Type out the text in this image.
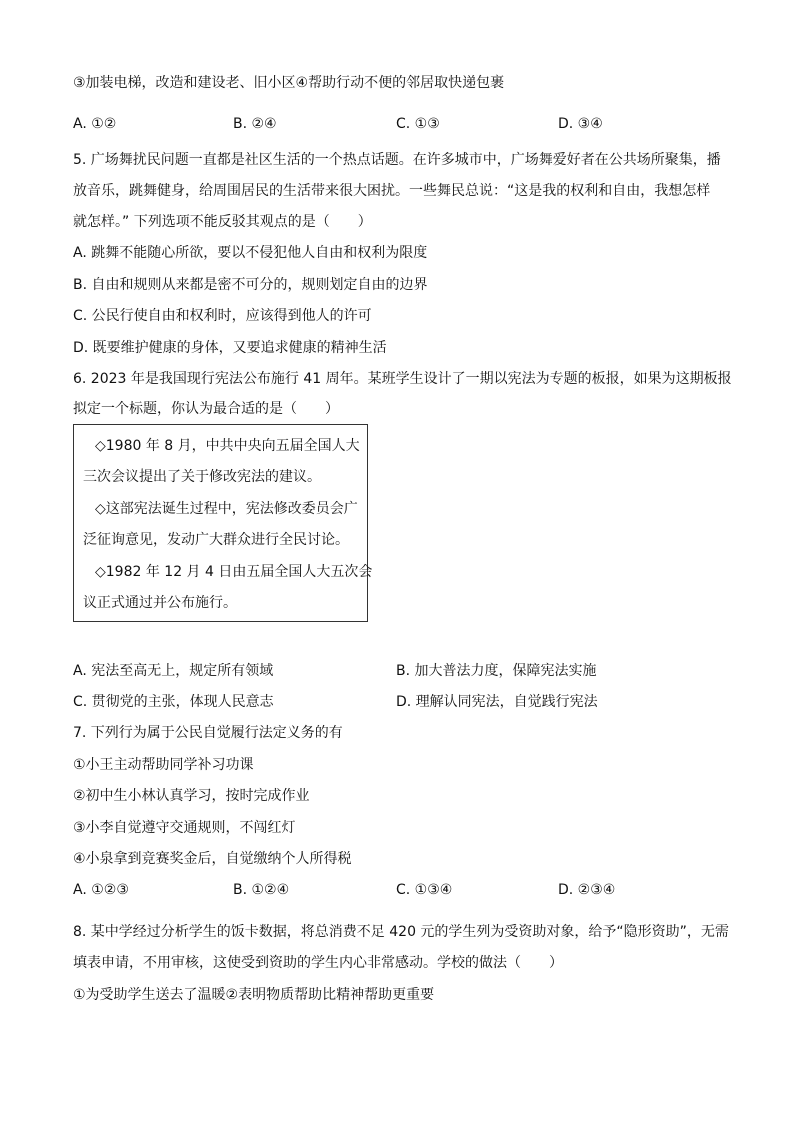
③加装电梯，改造和建设老、旧小区④帮助行动不便的邻居取快递包裹
A. ①②	B. ②④	C. ①③	D. ③④
5. 广场舞扰民问题一直都是社区生活的一个热点话题。在许多城市中，广场舞爱好者在公共场所聚集，播
放音乐，跳舞健身，给周围居民的生活带来很大困扰。一些舞民总说：“这是我的权利和自由，我想怎样
就怎样。” 下列选项不能反驳其观点的是（　　）
A. 跳舞不能随心所欲，要以不侵犯他人自由和权利为限度
B. 自由和规则从来都是密不可分的，规则划定自由的边界
C. 公民行使自由和权利时，应该得到他人的许可
D. 既要维护健康的身体，又要追求健康的精神生活
6. 2023 年是我国现行宪法公布施行 41 周年。某班学生设计了一期以宪法为专题的板报，如果为这期板报
拟定一个标题，你认为最合适的是（　　）
◇1980 年 8 月，中共中央向五届全国人大
三次会议提出了关于修改宪法的建议。
◇这部宪法诞生过程中，宪法修改委员会广
泛征询意见，发动广大群众进行全民讨论。
◇1982 年 12 月 4 日由五届全国人大五次会
议正式通过并公布施行。
A. 宪法至高无上，规定所有领域	B. 加大普法力度，保障宪法实施
C. 贯彻党的主张，体现人民意志	D. 理解认同宪法，自觉践行宪法
7. 下列行为属于公民自觉履行法定义务的有
①小王主动帮助同学补习功课
②初中生小林认真学习，按时完成作业
③小李自觉遵守交通规则，不闯红灯
④小泉拿到竞赛奖金后，自觉缴纳个人所得税
A. ①②③	B. ①②④	C. ①③④	D. ②③④
8. 某中学经过分析学生的饭卡数据，将总消费不足 420 元的学生列为受资助对象，给予“隐形资助”，无需
填表申请，不用审核，这使受到资助的学生内心非常感动。学校的做法（　　）
①为受助学生送去了温暖②表明物质帮助比精神帮助更重要
